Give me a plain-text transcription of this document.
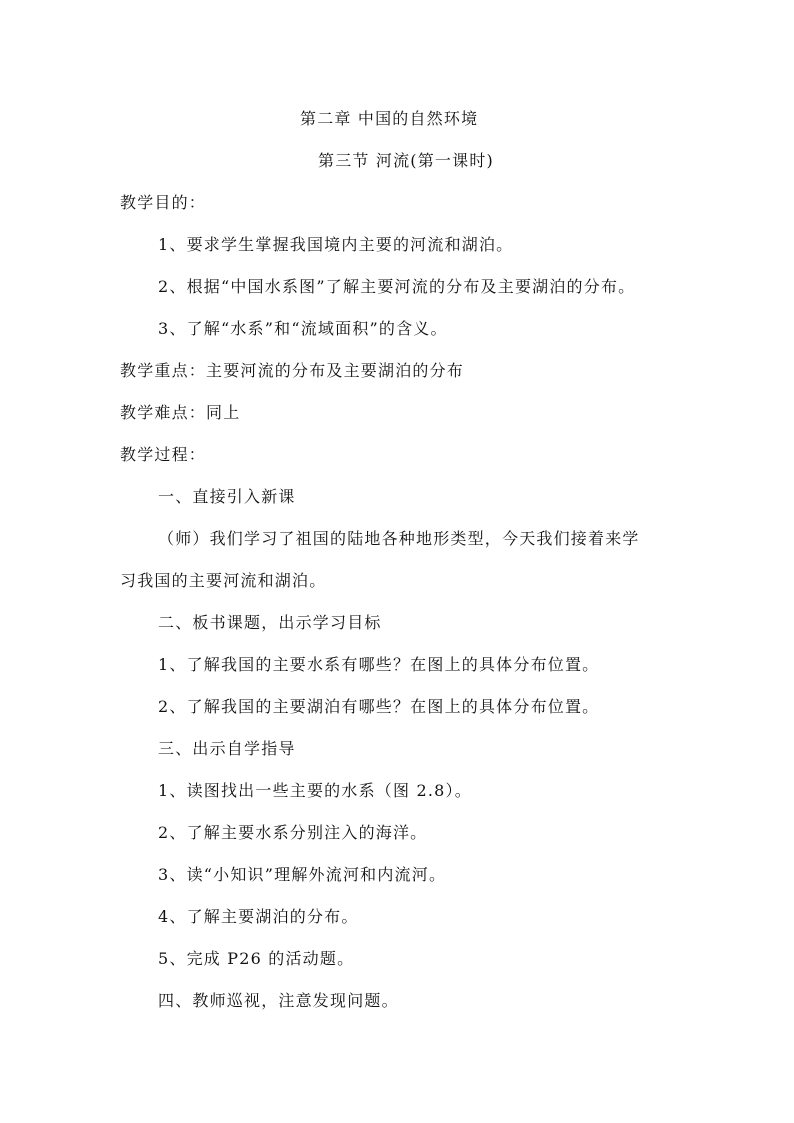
第二章 中国的自然环境
第三节 河流(第一课时)
教学目的：
1、要求学生掌握我国境内主要的河流和湖泊。
2、根据“中国水系图”了解主要河流的分布及主要湖泊的分布。
3、了解“水系”和“流域面积”的含义。
教学重点：主要河流的分布及主要湖泊的分布
教学难点：同上
教学过程：
一、直接引入新课
（师）我们学习了祖国的陆地各种地形类型，今天我们接着来学
习我国的主要河流和湖泊。
二、板书课题，出示学习目标
1、了解我国的主要水系有哪些？在图上的具体分布位置。
2、了解我国的主要湖泊有哪些？在图上的具体分布位置。
三、出示自学指导
1、读图找出一些主要的水系（图 2.8）。
2、了解主要水系分别注入的海洋。
3、读“小知识”理解外流河和内流河。
4、了解主要湖泊的分布。
5、完成 P26 的活动题。
四、教师巡视，注意发现问题。
